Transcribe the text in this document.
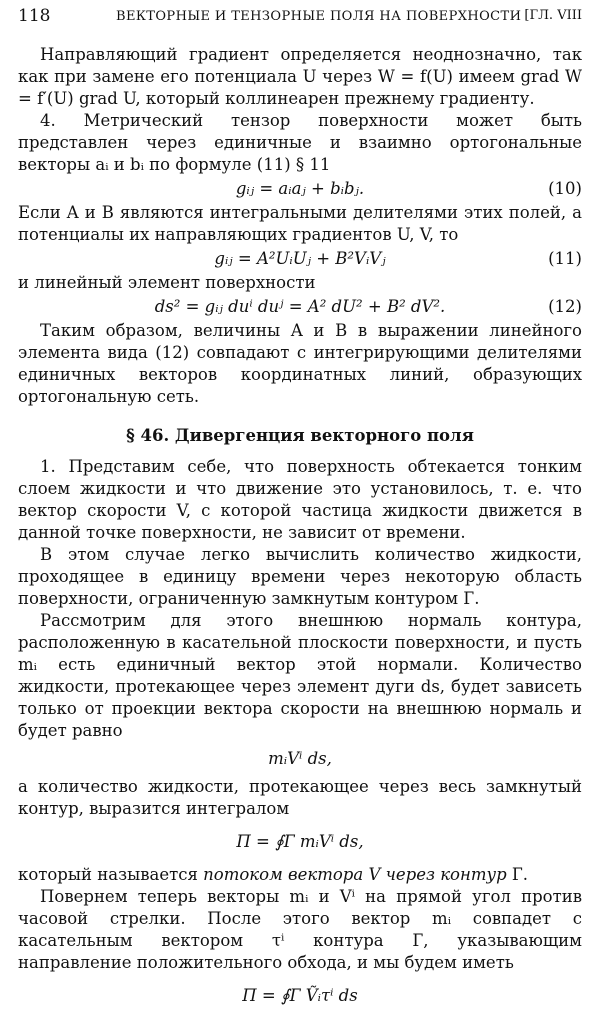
118	ВЕКТОРНЫЕ И ТЕНЗОРНЫЕ ПОЛЯ НА ПОВЕРХНОСТИ [ГЛ. VIII

Направляющий градиент определяется неоднозначно, так как при замене его потенциала U через W = f(U) имеем grad W = f′(U) grad U, который коллинеарен прежнему градиенту.

4. Метрический тензор поверхности может быть представлен через единичные и взаимно ортогональные векторы aᵢ и bᵢ по формуле (11) § 11

gᵢⱼ = aᵢaⱼ + bᵢbⱼ.	(10)

Если A и B являются интегральными делителями этих полей, а потенциалы их направляющих градиентов U, V, то

gᵢⱼ = A²UᵢUⱼ + B²VᵢVⱼ	(11)

и линейный элемент поверхности

ds² = gᵢⱼ duⁱ duʲ = A² dU² + B² dV².	(12)

Таким образом, величины A и B в выражении линейного элемента вида (12) совпадают с интегрирующими делителями единичных векторов координатных линий, образующих ортогональную сеть.

§ 46. Дивергенция векторного поля

1. Представим себе, что поверхность обтекается тонким слоем жидкости и что движение это установилось, т. е. что вектор скорости V, с которой частица жидкости движется в данной точке поверхности, не зависит от времени.

В этом случае легко вычислить количество жидкости, проходящее в единицу времени через некоторую область поверхности, ограниченную замкнутым контуром Г.

Рассмотрим для этого внешнюю нормаль контура, расположенную в касательной плоскости поверхности, и пусть mᵢ есть единичный вектор этой нормали. Количество жидкости, протекающее через элемент дуги ds, будет зависеть только от проекции вектора скорости на внешнюю нормаль и будет равно

mᵢVⁱ ds,

а количество жидкости, протекающее через весь замкнутый контур, выразится интегралом

Π = ∮Г mᵢVⁱ ds,

который называется потоком вектора V через контур Г.

Повернем теперь векторы mᵢ и Vⁱ на прямой угол против часовой стрелки. После этого вектор mᵢ совпадет с касательным вектором τⁱ контура Г, указывающим направление положительного обхода, и мы будем иметь

Π = ∮Г Ṽᵢτⁱ ds
